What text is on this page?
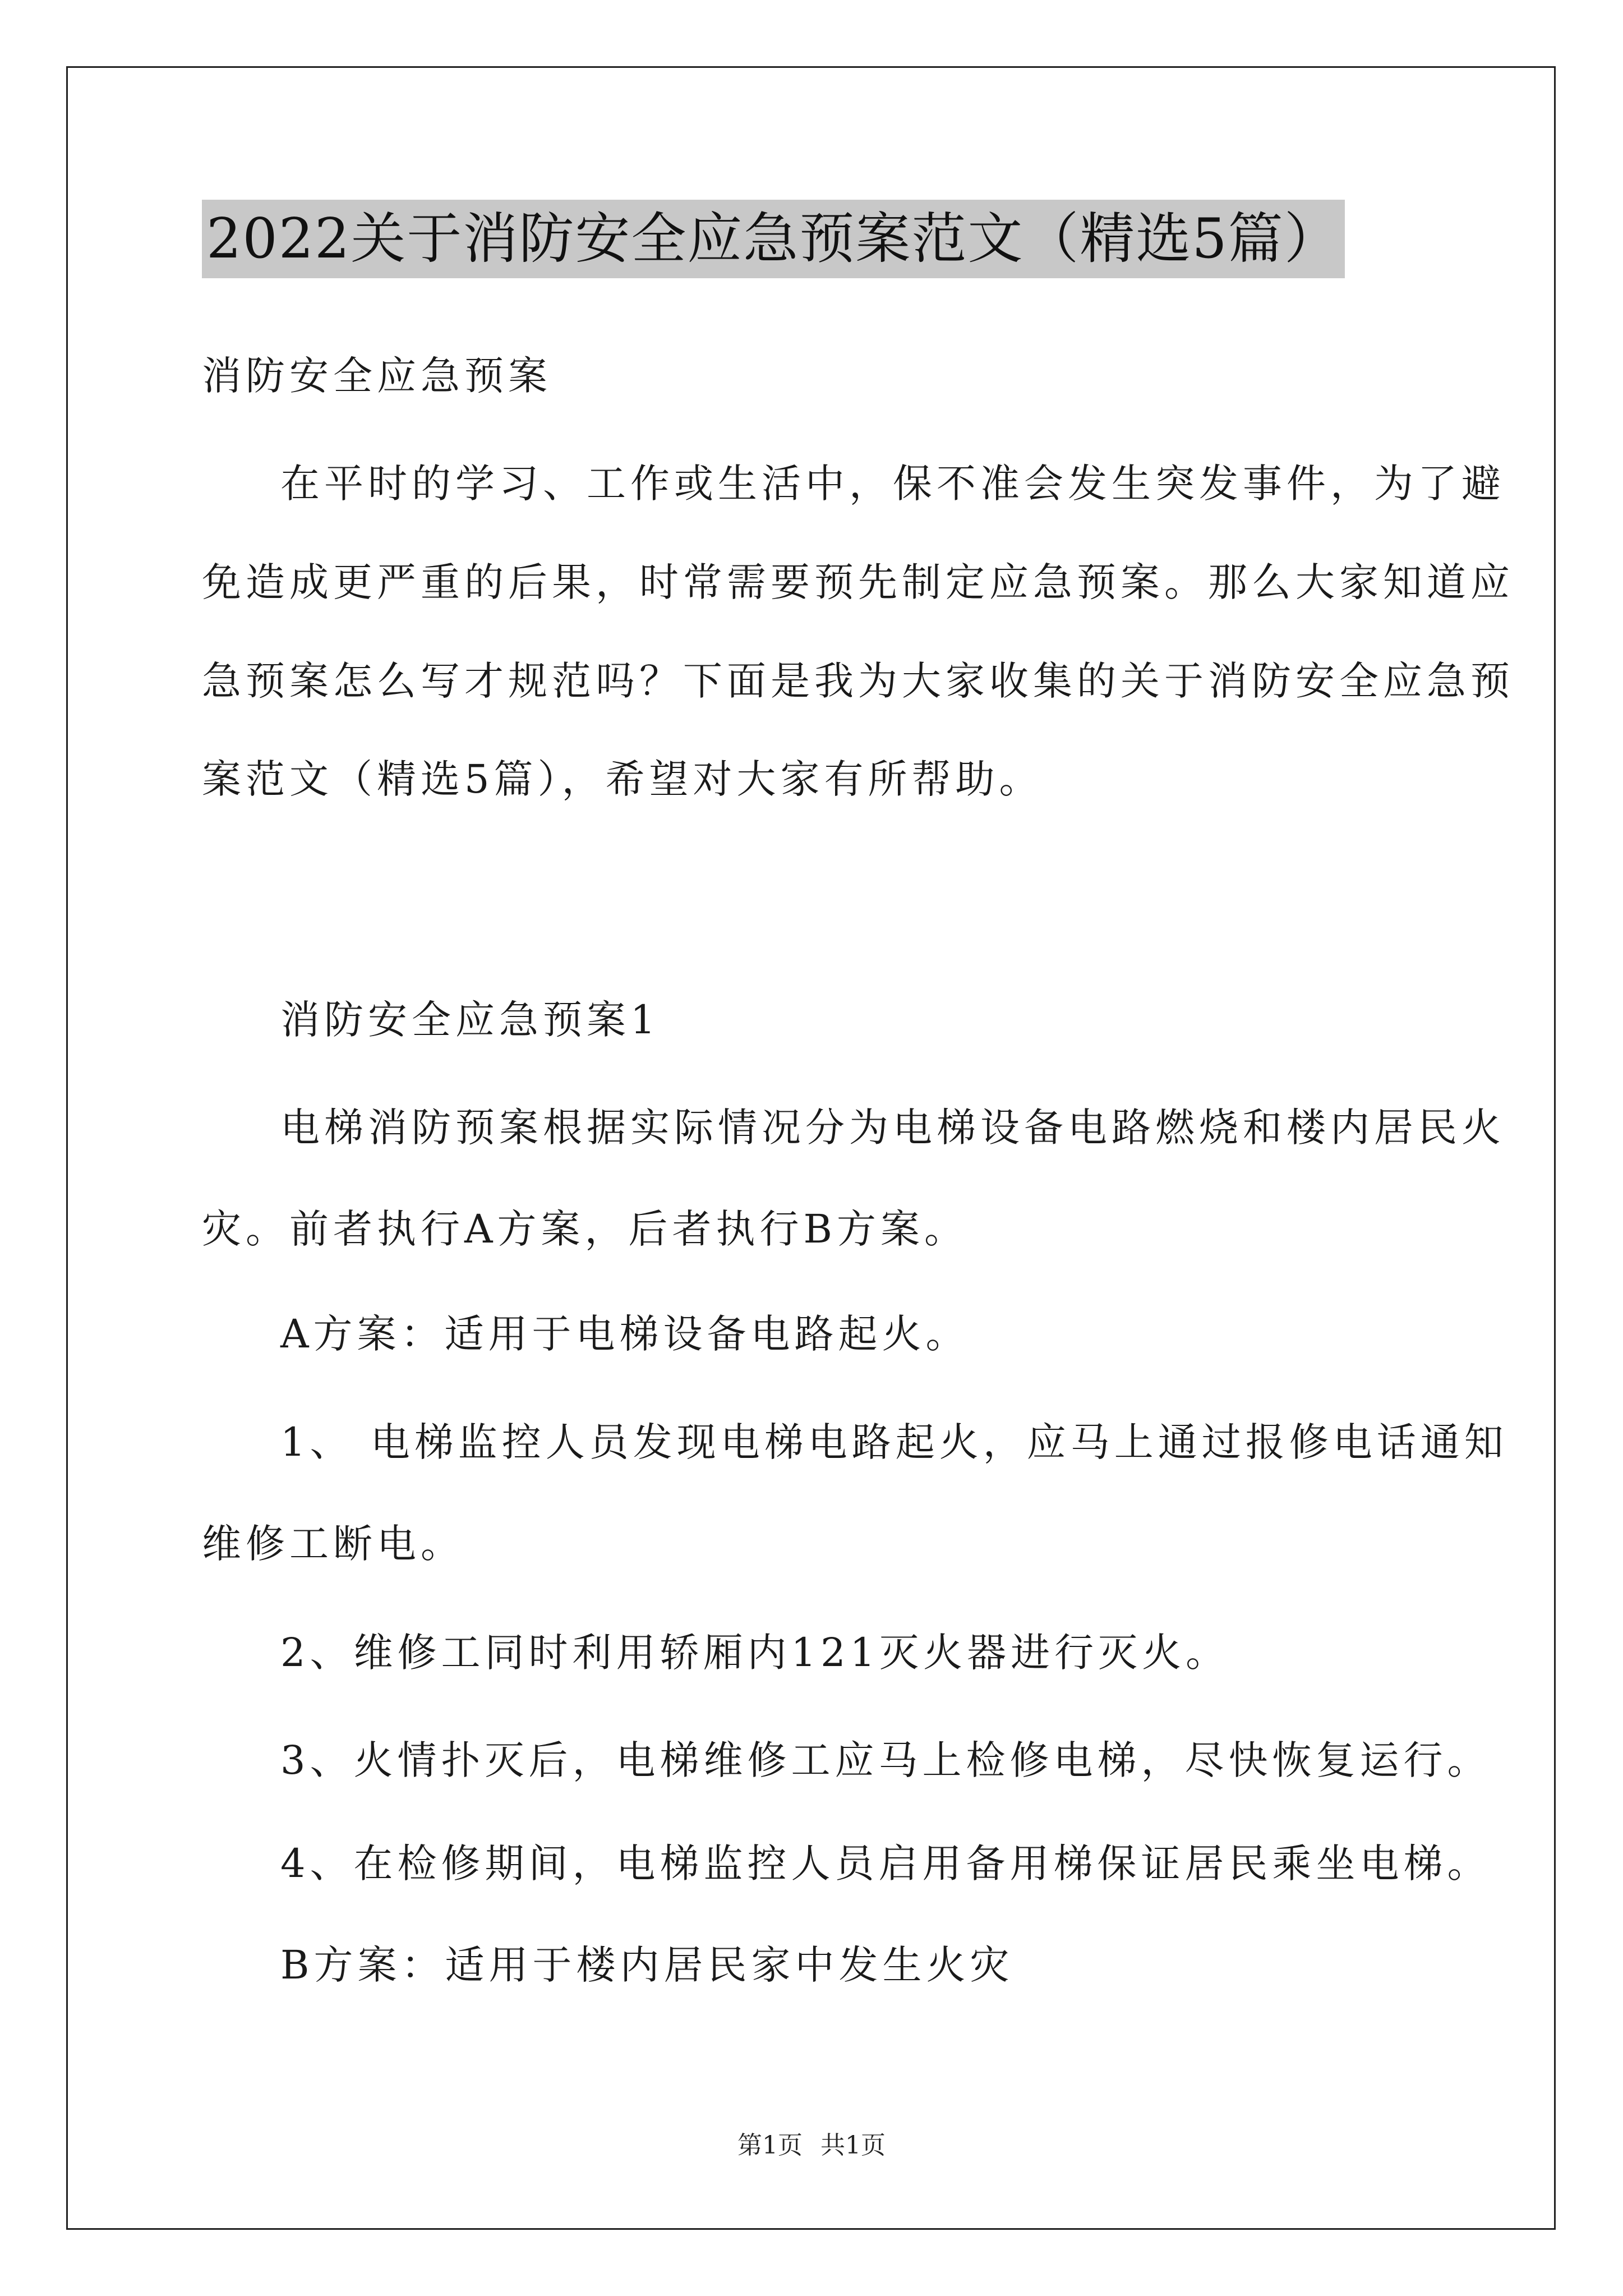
2022关于消防安全应急预案范文（精选5篇）

消防安全应急预案

在平时的学习、工作或生活中，保不准会发生突发事件，为了避
免造成更严重的后果，时常需要预先制定应急预案。那么大家知道应
急预案怎么写才规范吗？下面是我为大家收集的关于消防安全应急预
案范文（精选5篇），希望对大家有所帮助。

消防安全应急预案1

电梯消防预案根据实际情况分为电梯设备电路燃烧和楼内居民火
灾。前者执行A方案，后者执行B方案。

A方案：适用于电梯设备电路起火。

1、 电梯监控人员发现电梯电路起火，应马上通过报修电话通知
维修工断电。

2、维修工同时利用轿厢内121灭火器进行灭火。

3、火情扑灭后，电梯维修工应马上检修电梯，尽快恢复运行。

4、在检修期间，电梯监控人员启用备用梯保证居民乘坐电梯。

B方案：适用于楼内居民家中发生火灾

第1页 共1页
